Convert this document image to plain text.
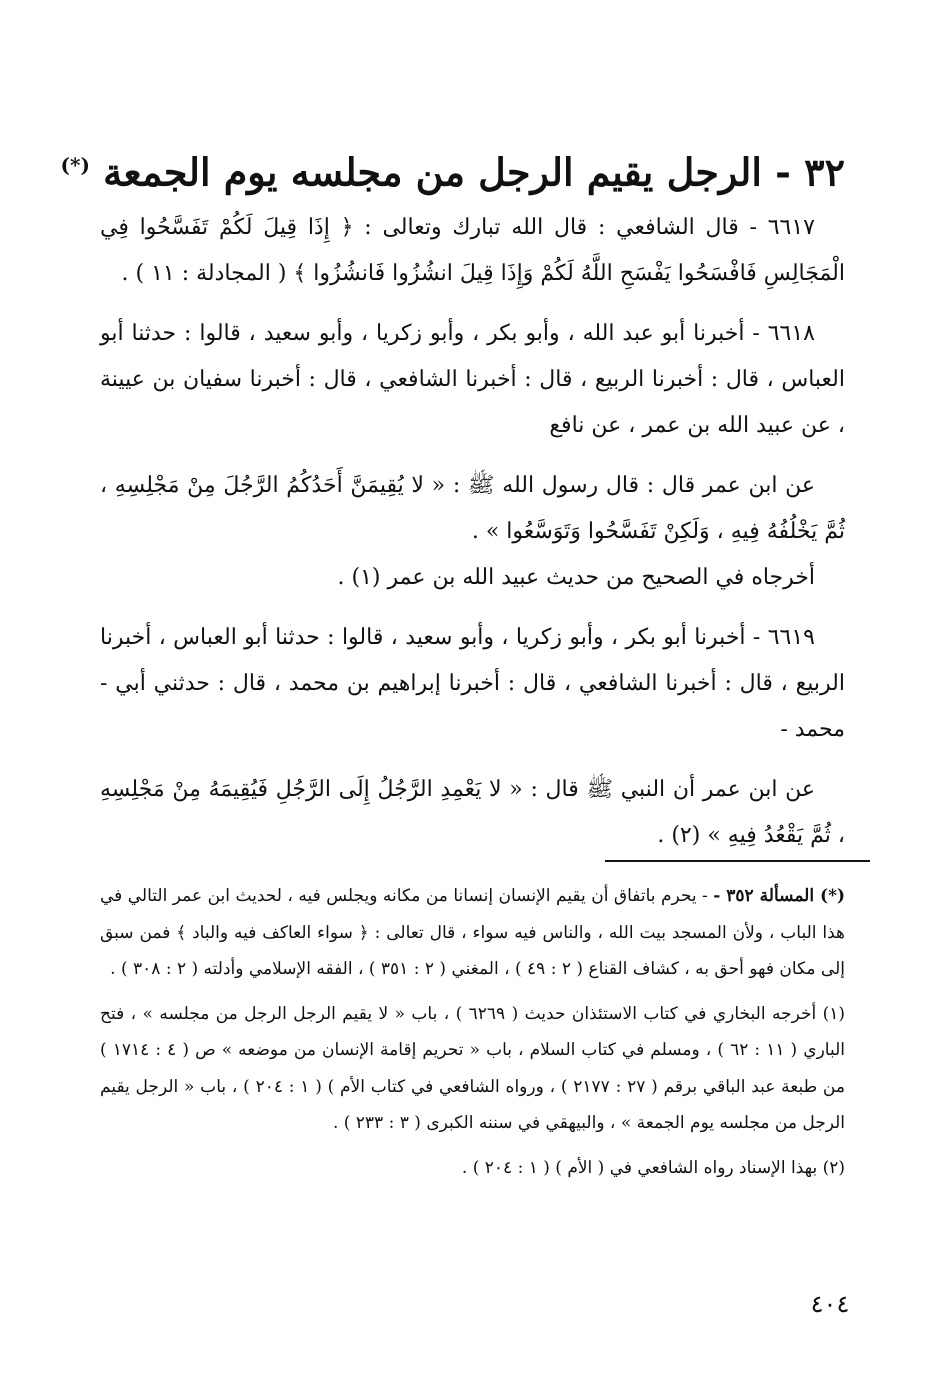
٣٢ - الرجل يقيم الرجل من مجلسه يوم الجمعة (*)

٦٦١٧ - قال الشافعي : قال الله تبارك وتعالى : ﴿ إِذَا قِيلَ لَكُمْ تَفَسَّحُوا فِي الْمَجَالِسِ فَافْسَحُوا يَفْسَحِ اللَّهُ لَكُمْ وَإِذَا قِيلَ انشُزُوا فَانشُزُوا ﴾ ( المجادلة : ١١ ) .

٦٦١٨ - أخبرنا أبو عبد الله ، وأبو بكر ، وأبو زكريا ، وأبو سعيد ، قالوا : حدثنا أبو العباس ، قال : أخبرنا الربيع ، قال : أخبرنا الشافعي ، قال : أخبرنا سفيان بن عيينة ، عن عبيد الله بن عمر ، عن نافع

عن ابن عمر قال : قال رسول الله ﷺ : « لا يُقِيمَنَّ أَحَدُكُمُ الرَّجُلَ مِنْ مَجْلِسِهِ ، ثُمَّ يَخْلُفُهُ فِيهِ ، وَلَكِنْ تَفَسَّحُوا وَتَوَسَّعُوا » .

أخرجاه في الصحيح من حديث عبيد الله بن عمر (١) .

٦٦١٩ - أخبرنا أبو بكر ، وأبو زكريا ، وأبو سعيد ، قالوا : حدثنا أبو العباس ، أخبرنا الربيع ، قال : أخبرنا الشافعي ، قال : أخبرنا إبراهيم بن محمد ، قال : حدثني أبي - محمد -

عن ابن عمر أن النبي ﷺ قال : « لا يَعْمِدِ الرَّجُلُ إِلَى الرَّجُلِ فَيُقِيمَهُ مِنْ مَجْلِسِهِ ، ثُمَّ يَقْعُدُ فِيهِ » (٢) .

(*) المسألة ٣٥٢ - - يحرم باتفاق أن يقيم الإنسان إنسانا من مكانه ويجلس فيه ، لحديث ابن عمر التالي في هذا الباب ، ولأن المسجد بيت الله ، والناس فيه سواء ، قال تعالى : ﴿ سواء العاكف فيه والباد ﴾ فمن سبق إلى مكان فهو أحق به ، كشاف القناع ( ٢ : ٤٩ ) ، المغني ( ٢ : ٣٥١ ) ، الفقه الإسلامي وأدلته ( ٢ : ٣٠٨ ) .

(١) أخرجه البخاري في كتاب الاستئذان حديث ( ٦٢٦٩ ) ، باب « لا يقيم الرجل الرجل من مجلسه » ، فتح الباري ( ١١ : ٦٢ ) ، ومسلم في كتاب السلام ، باب « تحريم إقامة الإنسان من موضعه » ص ( ٤ : ١٧١٤ ) من طبعة عبد الباقي برقم ( ٢٧ : ٢١٧٧ ) ، ورواه الشافعي في كتاب الأم ) ( ١ : ٢٠٤ ) ، باب « الرجل يقيم الرجل من مجلسه يوم الجمعة » ، والبيهقي في سننه الكبرى ( ٣ : ٢٣٣ ) .

(٢) بهذا الإسناد رواه الشافعي في ( الأم ) ( ١ : ٢٠٤ ) .

٤٠٤
